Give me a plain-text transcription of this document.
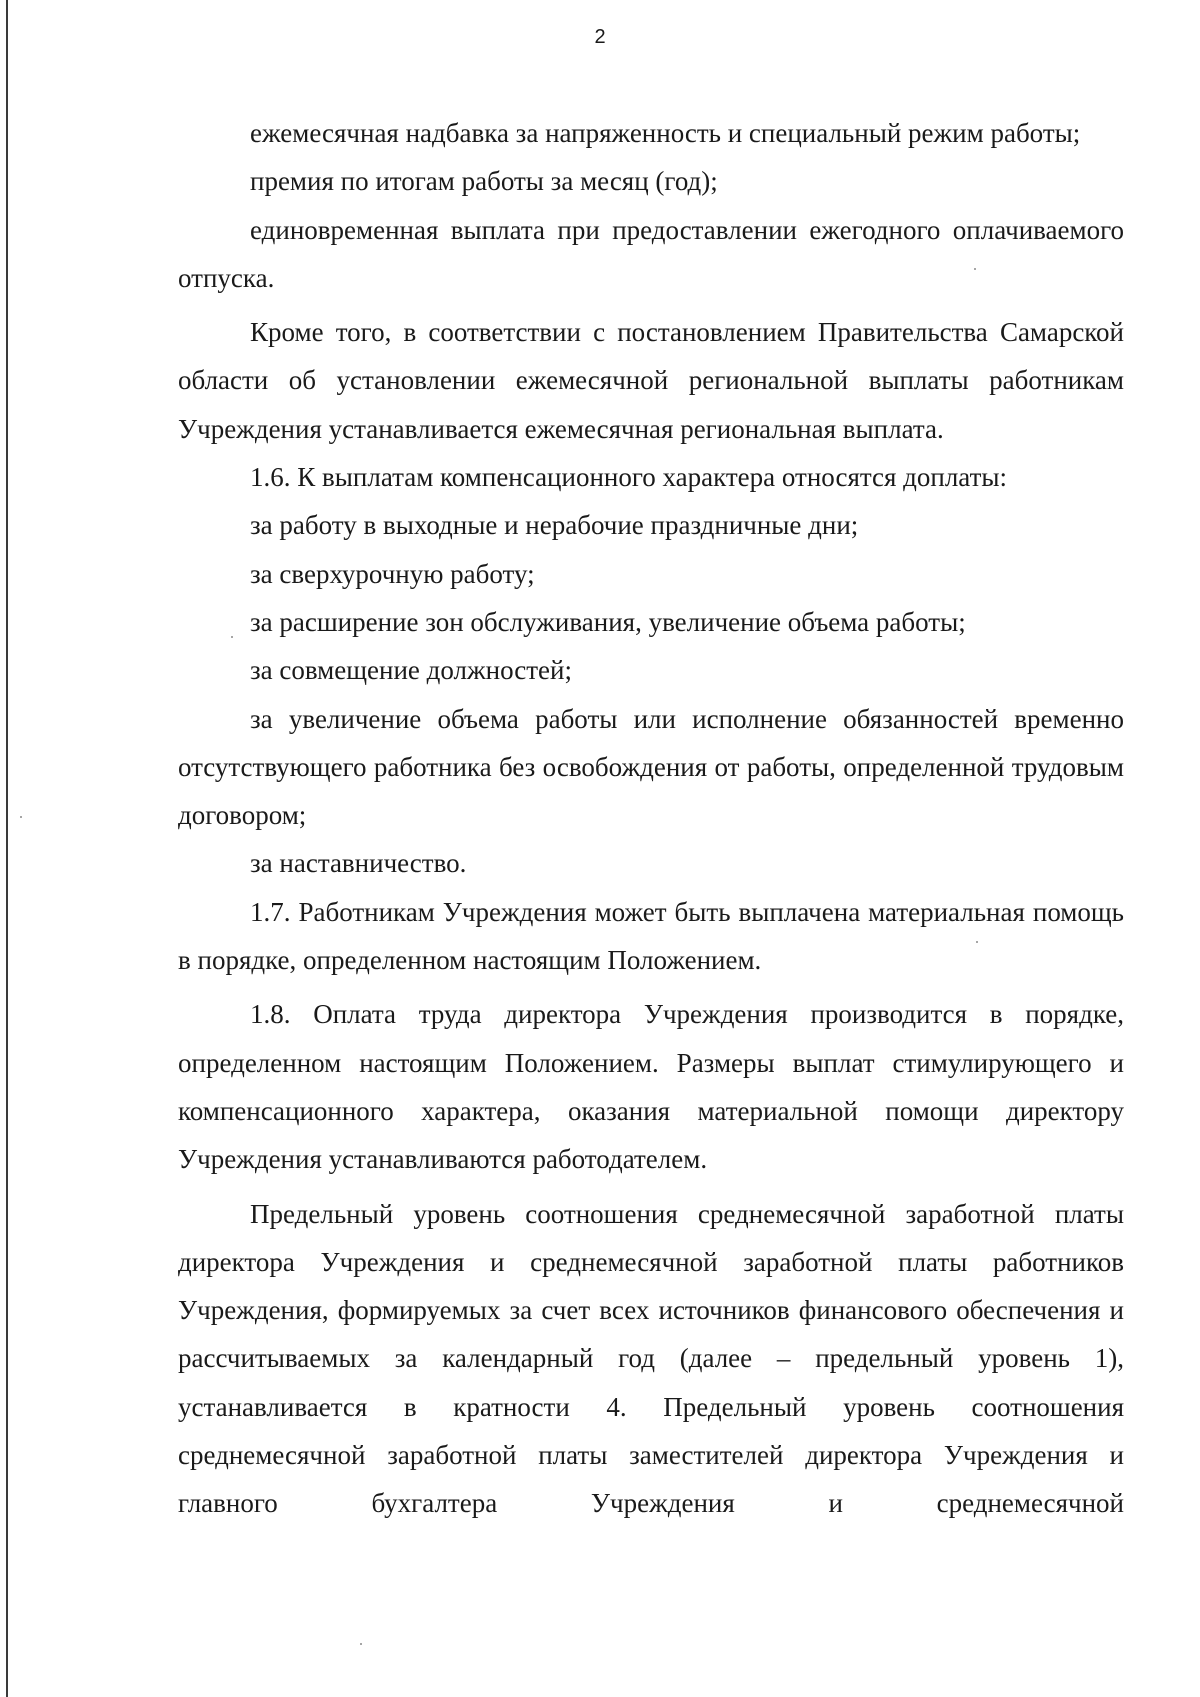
2

ежемесячная надбавка за напряженность и специальный режим работы;

премия по итогам работы за месяц (год);

единовременная выплата при предоставлении ежегодного оплачиваемого отпуска.

Кроме того, в соответствии с постановлением Правительства Самарской области об установлении ежемесячной региональной выплаты работникам Учреждения устанавливается ежемесячная региональная выплата.

1.6. К выплатам компенсационного характера относятся доплаты:

за работу в выходные и нерабочие праздничные дни;

за сверхурочную работу;

за расширение зон обслуживания, увеличение объема работы;

за совмещение должностей;

за увеличение объема работы или исполнение обязанностей временно отсутствующего работника без освобождения от работы, определенной трудовым договором;

за наставничество.

1.7. Работникам Учреждения может быть выплачена материальная помощь в порядке, определенном настоящим Положением.

1.8. Оплата труда директора Учреждения производится в порядке, определенном настоящим Положением. Размеры выплат стимулирующего и компенсационного характера, оказания материальной помощи директору Учреждения устанавливаются работодателем.

Предельный уровень соотношения среднемесячной заработной платы директора Учреждения и среднемесячной заработной платы работников Учреждения, формируемых за счет всех источников финансового обеспечения и рассчитываемых за календарный год (далее – предельный уровень 1), устанавливается в кратности 4. Предельный уровень соотношения среднемесячной заработной платы заместителей директора Учреждения и главного бухгалтера Учреждения и среднемесячной
